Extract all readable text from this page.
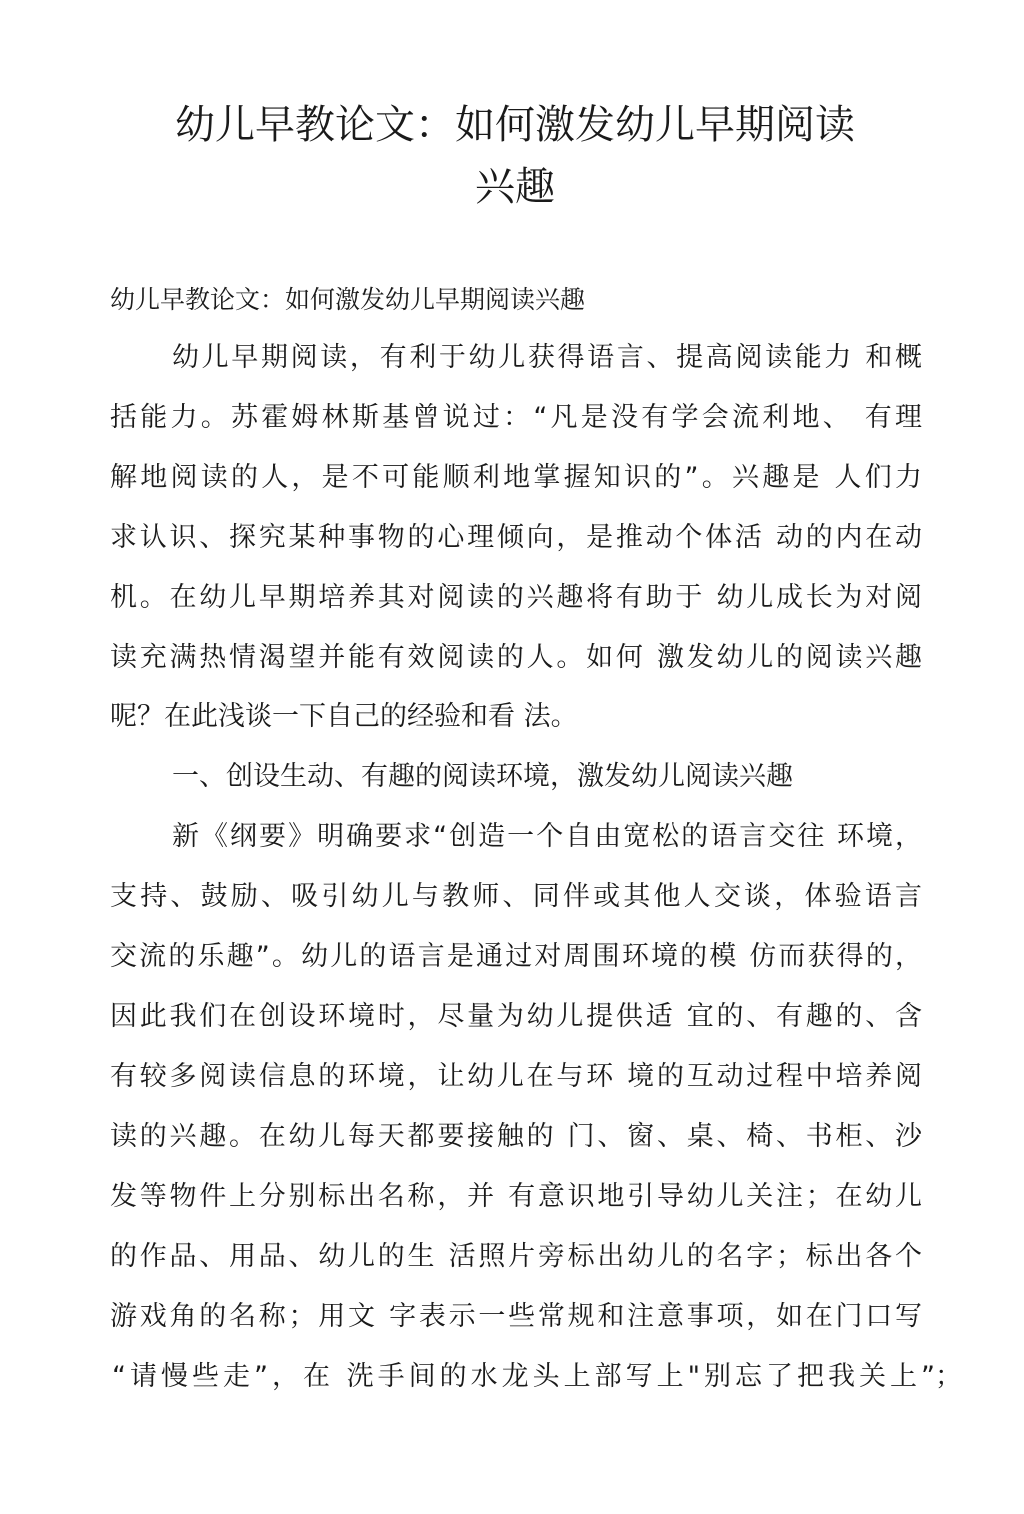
幼儿早教论文：如何激发幼儿早期阅读
兴趣

幼儿早教论文：如何激发幼儿早期阅读兴趣

幼儿早期阅读，有利于幼儿获得语言、提高阅读能力 和概

括能力。苏霍姆林斯基曾说过：“凡是没有学会流利地、 有理

解地阅读的人，是不可能顺利地掌握知识的”。兴趣是 人们力

求认识、探究某种事物的心理倾向，是推动个体活 动的内在动

机。在幼儿早期培养其对阅读的兴趣将有助于 幼儿成长为对阅

读充满热情渴望并能有效阅读的人。如何 激发幼儿的阅读兴趣

呢？在此浅谈一下自己的经验和看 法。

一、创设生动、有趣的阅读环境，激发幼儿阅读兴趣

新《纲要》明确要求“创造一个自由宽松的语言交往 环境，

支持、鼓励、吸引幼儿与教师、同伴或其他人交谈，体验语言

交流的乐趣”。幼儿的语言是通过对周围环境的模 仿而获得的，

因此我们在创设环境时，尽量为幼儿提供适 宜的、有趣的、含

有较多阅读信息的环境，让幼儿在与环 境的互动过程中培养阅

读的兴趣。在幼儿每天都要接触的 门、窗、桌、椅、书柜、沙

发等物件上分别标出名称，并 有意识地引导幼儿关注；在幼儿

的作品、用品、幼儿的生 活照片旁标出幼儿的名字；标出各个

游戏角的名称；用文 字表示一些常规和注意事项，如在门口写

“请慢些走”，在 洗手间的水龙头上部写上"别忘了把我关上”；
